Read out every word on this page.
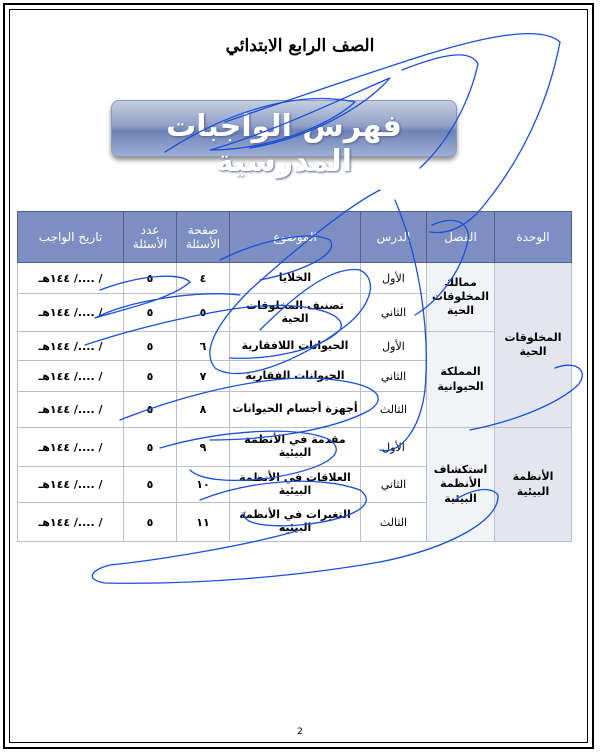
الصف الرابع الابتدائي
فهرس الواجبات المدرسية
الوحدة	الفصل	الدرس	الموضوع	صفحة الأسئلة	عدد الأسئلة	تاريخ الواجب
المخلوقات الحية	ممالك المخلوقات الحية	الأول	الخلايا	٤	٥	/ ..../ ١٤٤هـ
		الثاني	تصنيف المخلوقات الحية	٥	٥	/ ..../ ١٤٤هـ
	المملكة الحيوانية	الأول	الحيوانات اللافقارية	٦	٥	/ ..../ ١٤٤هـ
		الثاني	الحيوانات الفقارية	٧	٥	/ ..../ ١٤٤هـ
		الثالث	أجهزة أجسام الحيوانات	٨	٥	/ ..../ ١٤٤هـ
الأنظمة البيئية	استكشاف الأنظمة البيئية	الأول	مقدمة في الأنظمة البيئية	٩	٥	/ ..../ ١٤٤هـ
		الثاني	العلاقات في الأنظمة البيئية	١٠	٥	/ ..../ ١٤٤هـ
		الثالث	التغيرات في الأنظمة البيئية	١١	٥	/ ..../ ١٤٤هـ
2
